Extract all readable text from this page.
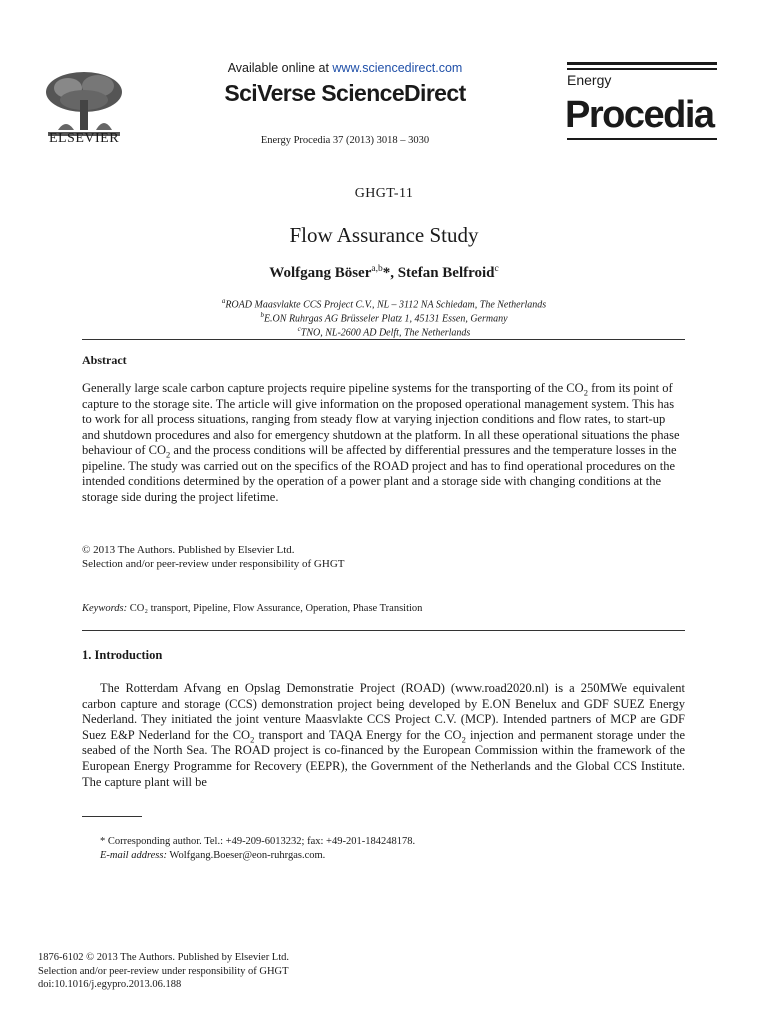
ELSEVIER
Available online at www.sciencedirect.com
SciVerse ScienceDirect
Energy Procedia 37 (2013) 3018 – 3030
Energy
Procedia
GHGT-11
Flow Assurance Study
Wolfgang Böser$^{a,b}$*, Stefan Belfroid$^c$
$^a$ROAD Maasvlakte CCS Project C.V., NL – 3112 NA Schiedam, The Netherlands
$^b$E.ON Ruhrgas AG Brüsseler Platz 1, 45131 Essen, Germany
$^c$TNO, NL-2600 AD Delft, The Netherlands
Abstract
Generally large scale carbon capture projects require pipeline systems for the transporting of the $CO_2$ from its point of capture to the storage site. The article will give information on the proposed operational management system. This has to work for all process situations, ranging from steady flow at varying injection conditions and flow rates, to start-up and shutdown procedures and also for emergency shutdown at the platform. In all these operational situations the phase behaviour of $CO_2$ and the process conditions will be affected by differential pressures and the temperature losses in the pipeline. The study was carried out on the specifics of the ROAD project and has to find operational procedures on the intended conditions determined by the operation of a power plant and a storage side with changing conditions at the storage side during the project lifetime.
© 2013 The Authors. Published by Elsevier Ltd.
Selection and/or peer-review under responsibility of GHGT
Keywords: CO₂ transport, Pipeline, Flow Assurance, Operation, Phase Transition
1. Introduction

The Rotterdam Afvang en Opslag Demonstratie Project (ROAD) (www.road2020.nl) is a 250MWe equivalent carbon capture and storage (CCS) demonstration project being developed by E.ON Benelux and GDF SUEZ Energy Nederland. They initiated the joint venture Maasvlakte CCS Project C.V. (MCP). Intended partners of MCP are GDF Suez E&P Nederland for the $CO_2$ transport and TAQA Energy for the $CO_2$ injection and permanent storage under the seabed of the North Sea. The ROAD project is co-financed by the European Commission within the framework of the European Energy Programme for Recovery (EEPR), the Government of the Netherlands and the Global CCS Institute. The capture plant will be

* Corresponding author. Tel.: +49-209-6013232; fax: +49-201-184248178.
E-mail address: Wolfgang.Boeser@eon-ruhrgas.com.
1876-6102 © 2013 The Authors. Published by Elsevier Ltd.
Selection and/or peer-review under responsibility of GHGT
doi:10.1016/j.egypro.2013.06.188
